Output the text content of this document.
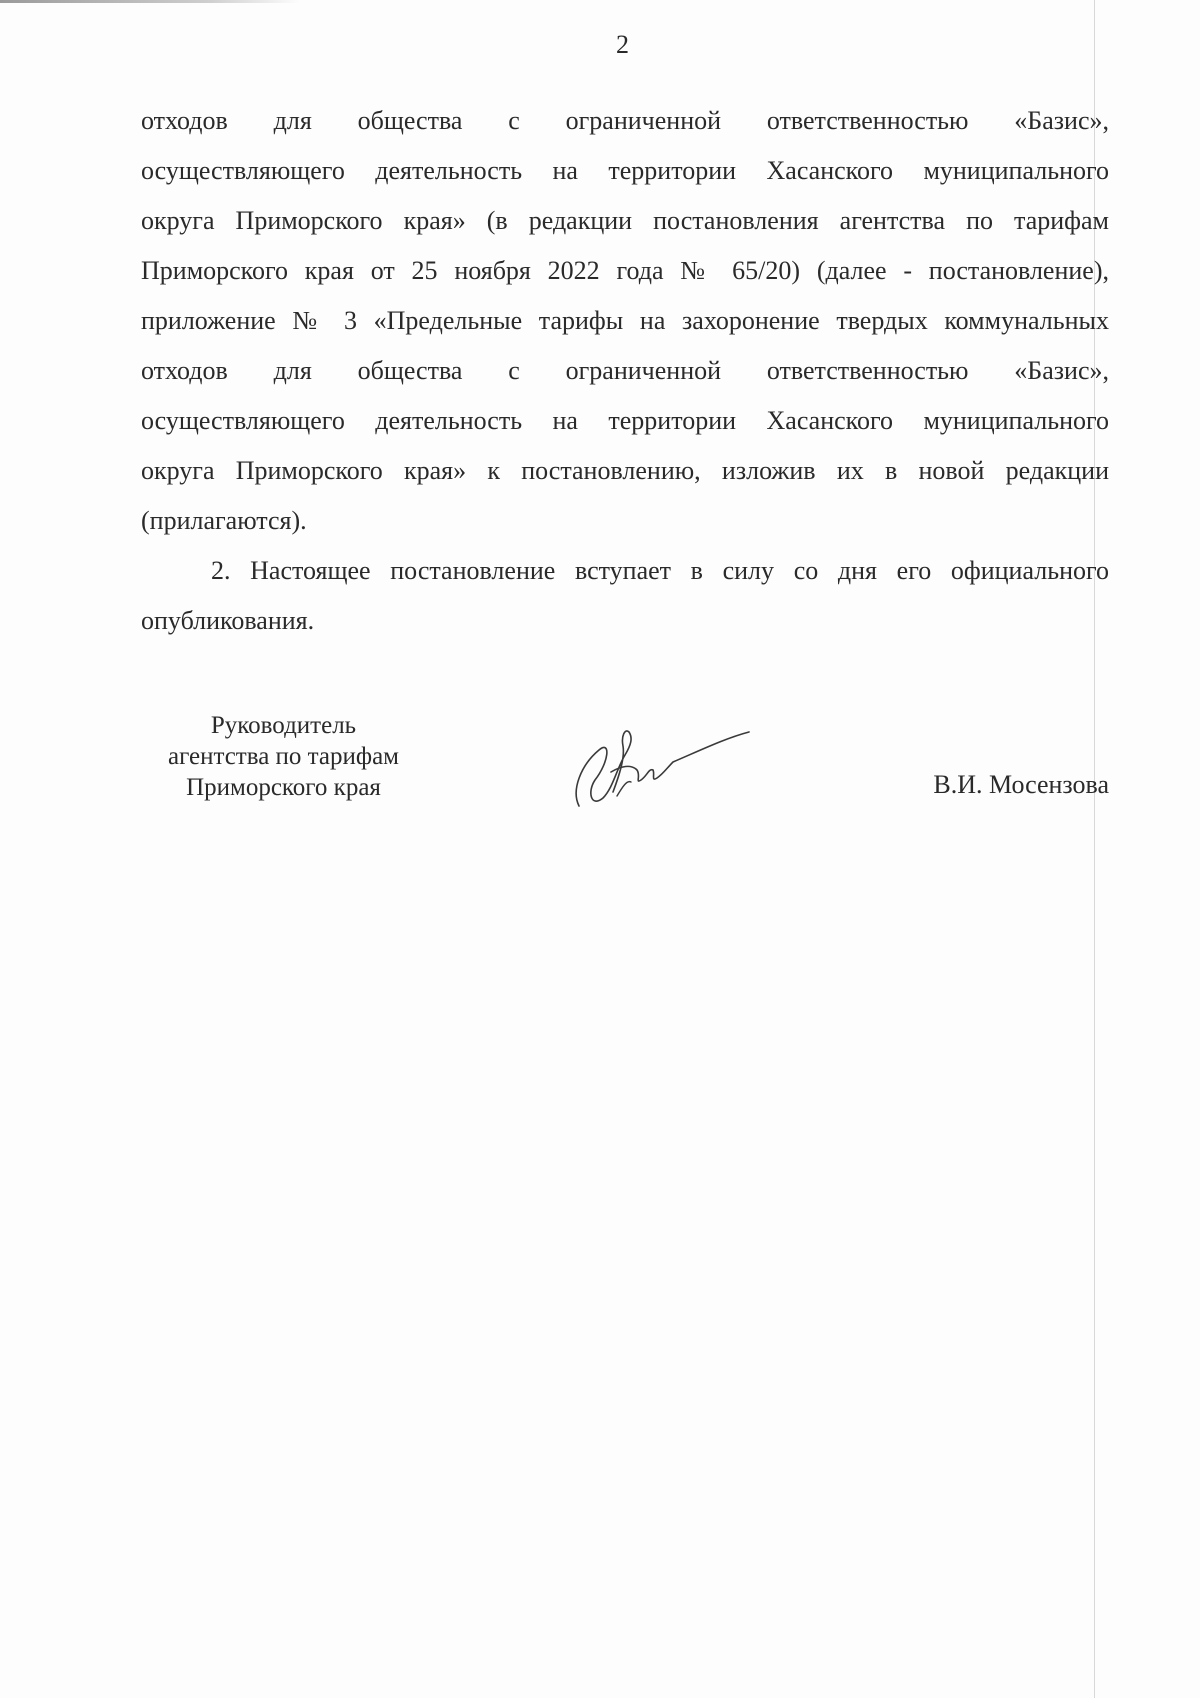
2
отходов для общества с ограниченной ответственностью «Базис»,
осуществляющего деятельность на территории Хасанского муниципального
округа Приморского края» (в редакции постановления агентства по тарифам
Приморского края от 25 ноября 2022 года № 65/20) (далее - постановление),
приложение № 3 «Предельные тарифы на захоронение твердых коммунальных
отходов для общества с ограниченной ответственностью «Базис»,
осуществляющего деятельность на территории Хасанского муниципального
округа Приморского края» к постановлению, изложив их в новой редакции
(прилагаются).
2. Настоящее постановление вступает в силу со дня его официального
опубликования.
Руководитель
агентства по тарифам
Приморского края	В.И. Мосензова
